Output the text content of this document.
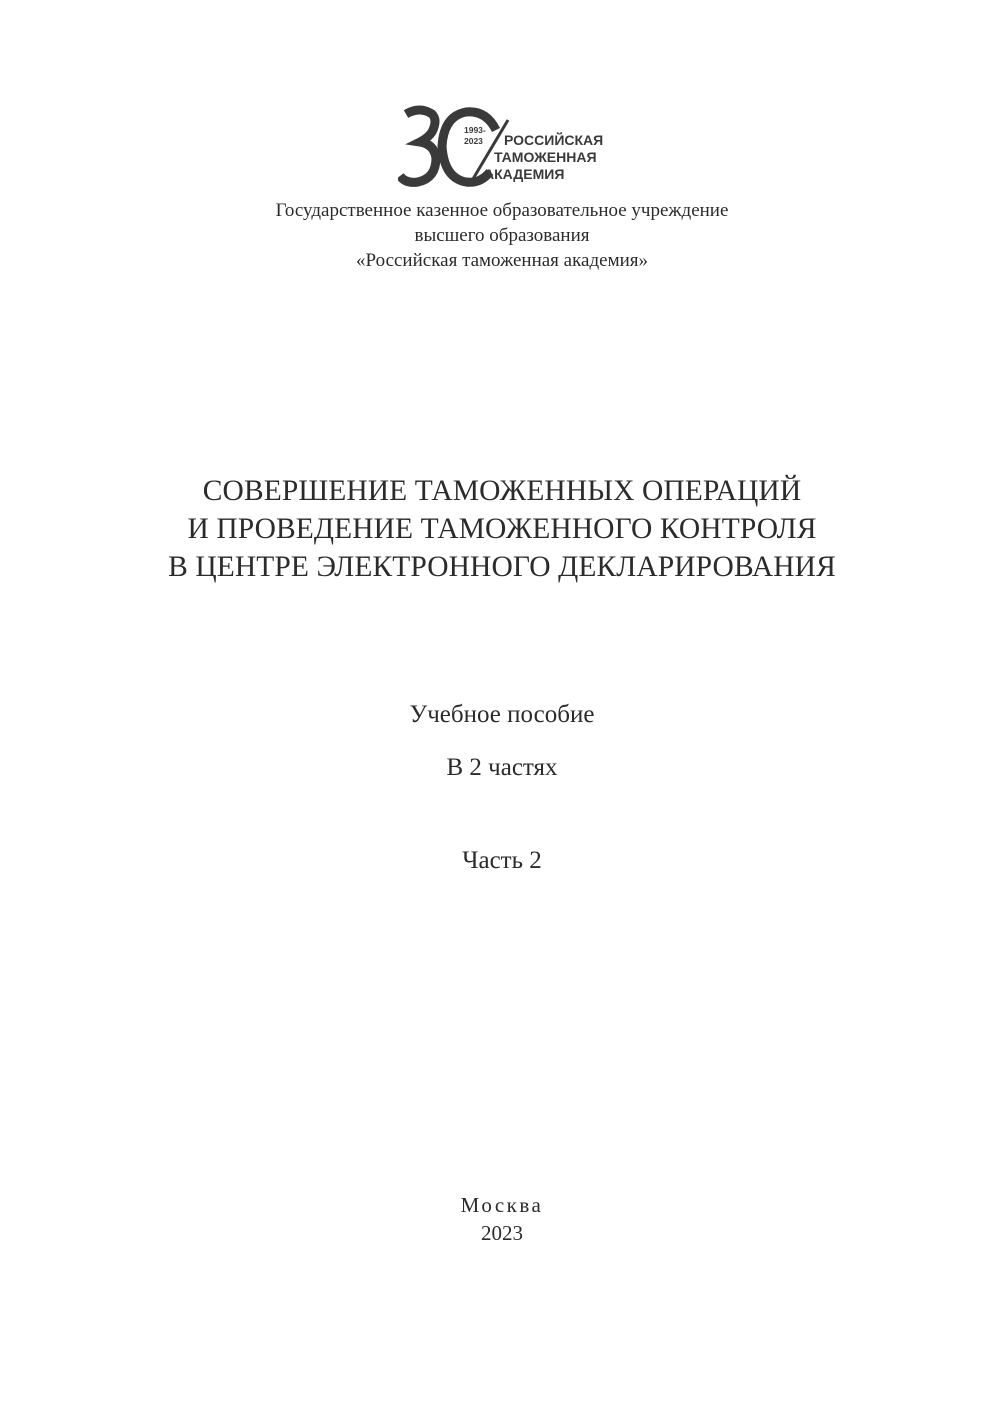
1993-
2023 РОССИЙСКАЯ
ТАМОЖЕННАЯ
АКАДЕМИЯ
Государственное казенное образовательное учреждение
высшего образования
«Российская таможенная академия»
СОВЕРШЕНИЕ ТАМОЖЕННЫХ ОПЕРАЦИЙ
И ПРОВЕДЕНИЕ ТАМОЖЕННОГО КОНТРОЛЯ
В ЦЕНТРЕ ЭЛЕКТРОННОГО ДЕКЛАРИРОВАНИЯ
Учебное пособие
В 2 частях
Часть 2
Москва
2023
